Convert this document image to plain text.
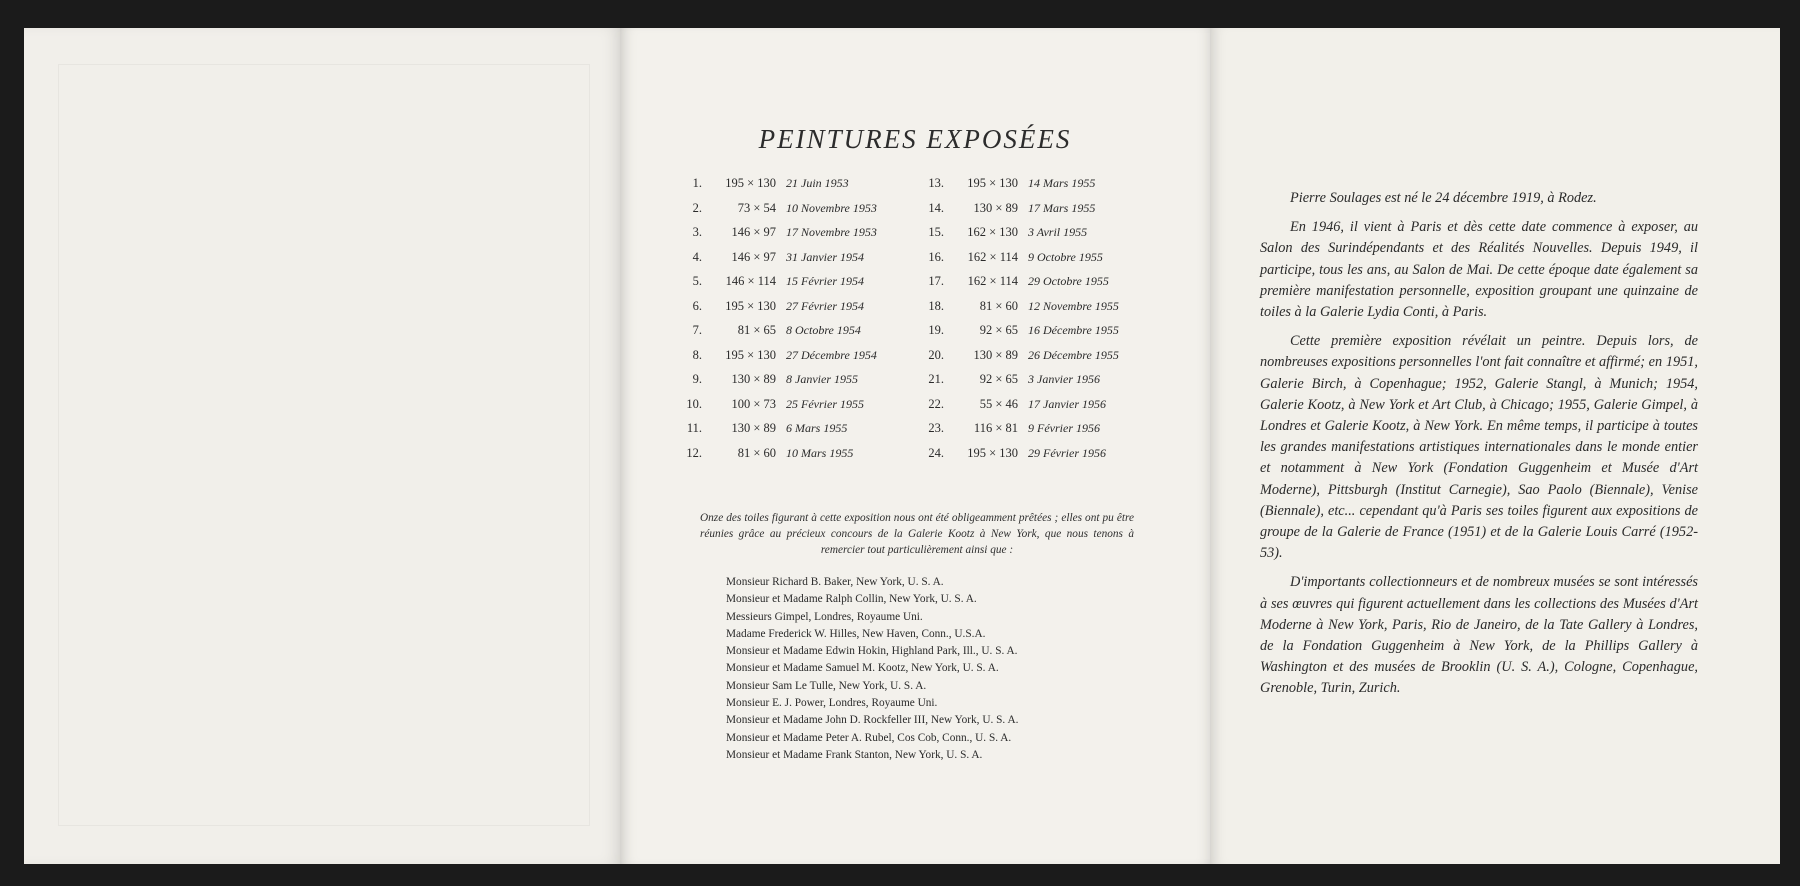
PEINTURES EXPOSÉES
1. 195 × 130 21 Juin 1953
2.	73 × 54 10 Novembre 1953
3. 146 × 97 17 Novembre 1953
4. 146 × 97 31 Janvier 1954
5. 146 × 114 15 Février 1954
6. 195 × 130 27 Février 1954
7.	81 × 65 8 Octobre 1954
8. 195 × 130 27 Décembre 1954
9. 130 × 89 8 Janvier 1955
10. 100 × 73 25 Février 1955
11. 130 × 89 6 Mars 1955
12.	81 × 60 10 Mars 1955
13. 195 × 130 14 Mars 1955
14. 130 × 89 17 Mars 1955
15. 162 × 130 3 Avril 1955
16. 162 × 114 9 Octobre 1955
17. 162 × 114 29 Octobre 1955
18.	81 × 60 12 Novembre 1955
19.	92 × 65 16 Décembre 1955
20. 130 × 89 26 Décembre 1955
21.	92 × 65 3 Janvier 1956
22.	55 × 46 17 Janvier 1956
23. 116 × 81 9 Février 1956
24. 195 × 130 29 Février 1956

Onze des toiles figurant à cette exposition nous ont été obligeamment prêtées ; elles ont pu être réunies grâce au précieux concours de la Galerie Kootz à New York, que nous tenons à remercier tout particulièrement ainsi que :

Monsieur Richard B. Baker, New York, U. S. A.
Monsieur et Madame Ralph Collin, New York, U. S. A.
Messieurs Gimpel, Londres, Royaume Uni.
Madame Frederick W. Hilles, New Haven, Conn., U.S.A.
Monsieur et Madame Edwin Hokin, Highland Park, Ill., U. S. A.
Monsieur et Madame Samuel M. Kootz, New York, U. S. A.
Monsieur Sam Le Tulle, New York, U. S. A.
Monsieur E. J. Power, Londres, Royaume Uni.
Monsieur et Madame John D. Rockfeller III, New York, U. S. A.
Monsieur et Madame Peter A. Rubel, Cos Cob, Conn., U. S. A.
Monsieur et Madame Frank Stanton, New York, U. S. A.

Pierre Soulages est né le 24 décembre 1919, à Rodez.

En 1946, il vient à Paris et dès cette date commence à exposer, au Salon des Surindépendants et des Réalités Nouvelles. Depuis 1949, il participe, tous les ans, au Salon de Mai. De cette époque date également sa première manifestation personnelle, exposition groupant une quinzaine de toiles à la Galerie Lydia Conti, à Paris.

Cette première exposition révélait un peintre. Depuis lors, de nombreuses expositions personnelles l'ont fait connaître et affirmé; en 1951, Galerie Birch, à Copenhague; 1952, Galerie Stangl, à Munich; 1954, Galerie Kootz, à New York et Art Club, à Chicago; 1955, Galerie Gimpel, à Londres et Galerie Kootz, à New York. En même temps, il participe à toutes les grandes manifestations artistiques internationales dans le monde entier et notamment à New York (Fondation Guggenheim et Musée d'Art Moderne), Pittsburgh (Institut Carnegie), Sao Paolo (Biennale), Venise (Biennale), etc... cependant qu'à Paris ses toiles figurent aux expositions de groupe de la Galerie de France (1951) et de la Galerie Louis Carré (1952-53).

D'importants collectionneurs et de nombreux musées se sont intéressés à ses œuvres qui figurent actuellement dans les collections des Musées d'Art Moderne à New York, Paris, Rio de Janeiro, de la Tate Gallery à Londres, de la Fondation Guggenheim à New York, de la Phillips Gallery à Washington et des musées de Brooklin (U. S. A.), Cologne, Copenhague, Grenoble, Turin, Zurich.
